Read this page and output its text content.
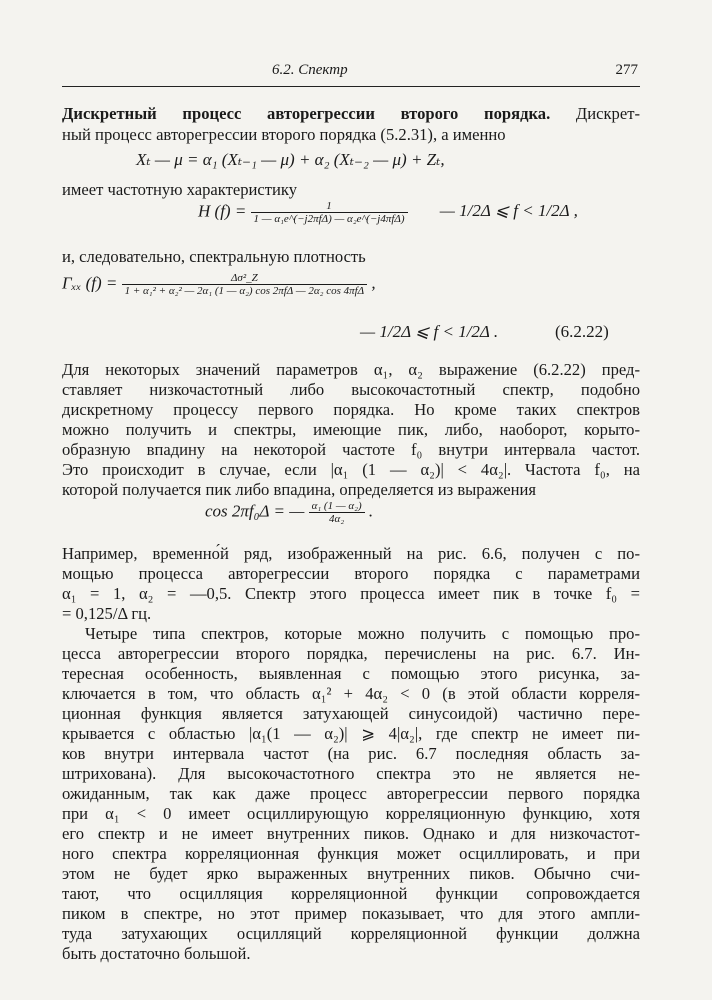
6.2. Спектр	277
Дискретный процесс авторегрессии второго порядка. Дискрет-
ный процесс авторегрессии второго порядка (5.2.31), а именно
Xₜ — μ = α₁ (Xₜ₋₁ — μ) + α₂ (Xₜ₋₂ — μ) + Zₜ,
имеет частотную характеристику
H $(f) = \frac{1}{\text{1 — α₁e\textasciicircum{}(−j2πfΔ) — α₂e\textasciicircum{}(−j4πfΔ)}}$ — 1/2Δ ⩽ f < 1/2Δ ,
и, следовательно, спектральную плотность
Γₓₓ $(f) = \frac{\text{Δσ²\_Z}}{\text{1 + α₁² + α₂² — 2α₁ (1 — α₂) cos 2πfΔ — 2α₂ cos 4πfΔ}}$ ,
— 1/2Δ ⩽ f < 1/2Δ .	(6.2.22)
Для некоторых значений параметров α₁, α₂ выражение (6.2.22) пред-
ставляет низкочастотный либо высокочастотный спектр, подобно
дискретному процессу первого порядка. Но кроме таких спектров
можно получить и спектры, имеющие пик, либо, наоборот, корыто-
образную впадину на некоторой частоте f₀ внутри интервала частот.
Это происходит в случае, если |α₁ (1 — α₂)| < 4α₂|. Частота f₀, на
которой получается пик либо впадина, определяется из выражения
cos 2πf₀Δ = — $\frac{\text{α₁ (1 — α₂)}}{\text{4α₂}}$ .
Например, временно́й ряд, изображенный на рис. 6.6, получен с по-
мощью процесса авторегрессии второго порядка с параметрами
α₁ = 1, α₂ = —0,5. Спектр этого процесса имеет пик в точке f₀ =
= 0,125/Δ гц.
Четыре типа спектров, которые можно получить с помощью про-
цесса авторегрессии второго порядка, перечислены на рис. 6.7. Ин-
тересная особенность, выявленная с помощью этого рисунка, за-
ключается в том, что область α₁² + 4α₂ < 0 (в этой области корреля-
ционная функция является затухающей синусоидой) частично пере-
крывается с областью |α₁(1 — α₂)| ⩾ 4|α₂|, где спектр не имеет пи-
ков внутри интервала частот (на рис. 6.7 последняя область за-
штрихована). Для высокочастотного спектра это не является не-
ожиданным, так как даже процесс авторегрессии первого порядка
при α₁ < 0 имеет осциллирующую корреляционную функцию, хотя
его спектр и не имеет внутренних пиков. Однако и для низкочастот-
ного спектра корреляционная функция может осциллировать, и при
этом не будет ярко выраженных внутренних пиков. Обычно счи-
тают, что осцилляция корреляционной функции сопровождается
пиком в спектре, но этот пример показывает, что для этого ампли-
туда затухающих осцилляций корреляционной функции должна
быть достаточно большой.
